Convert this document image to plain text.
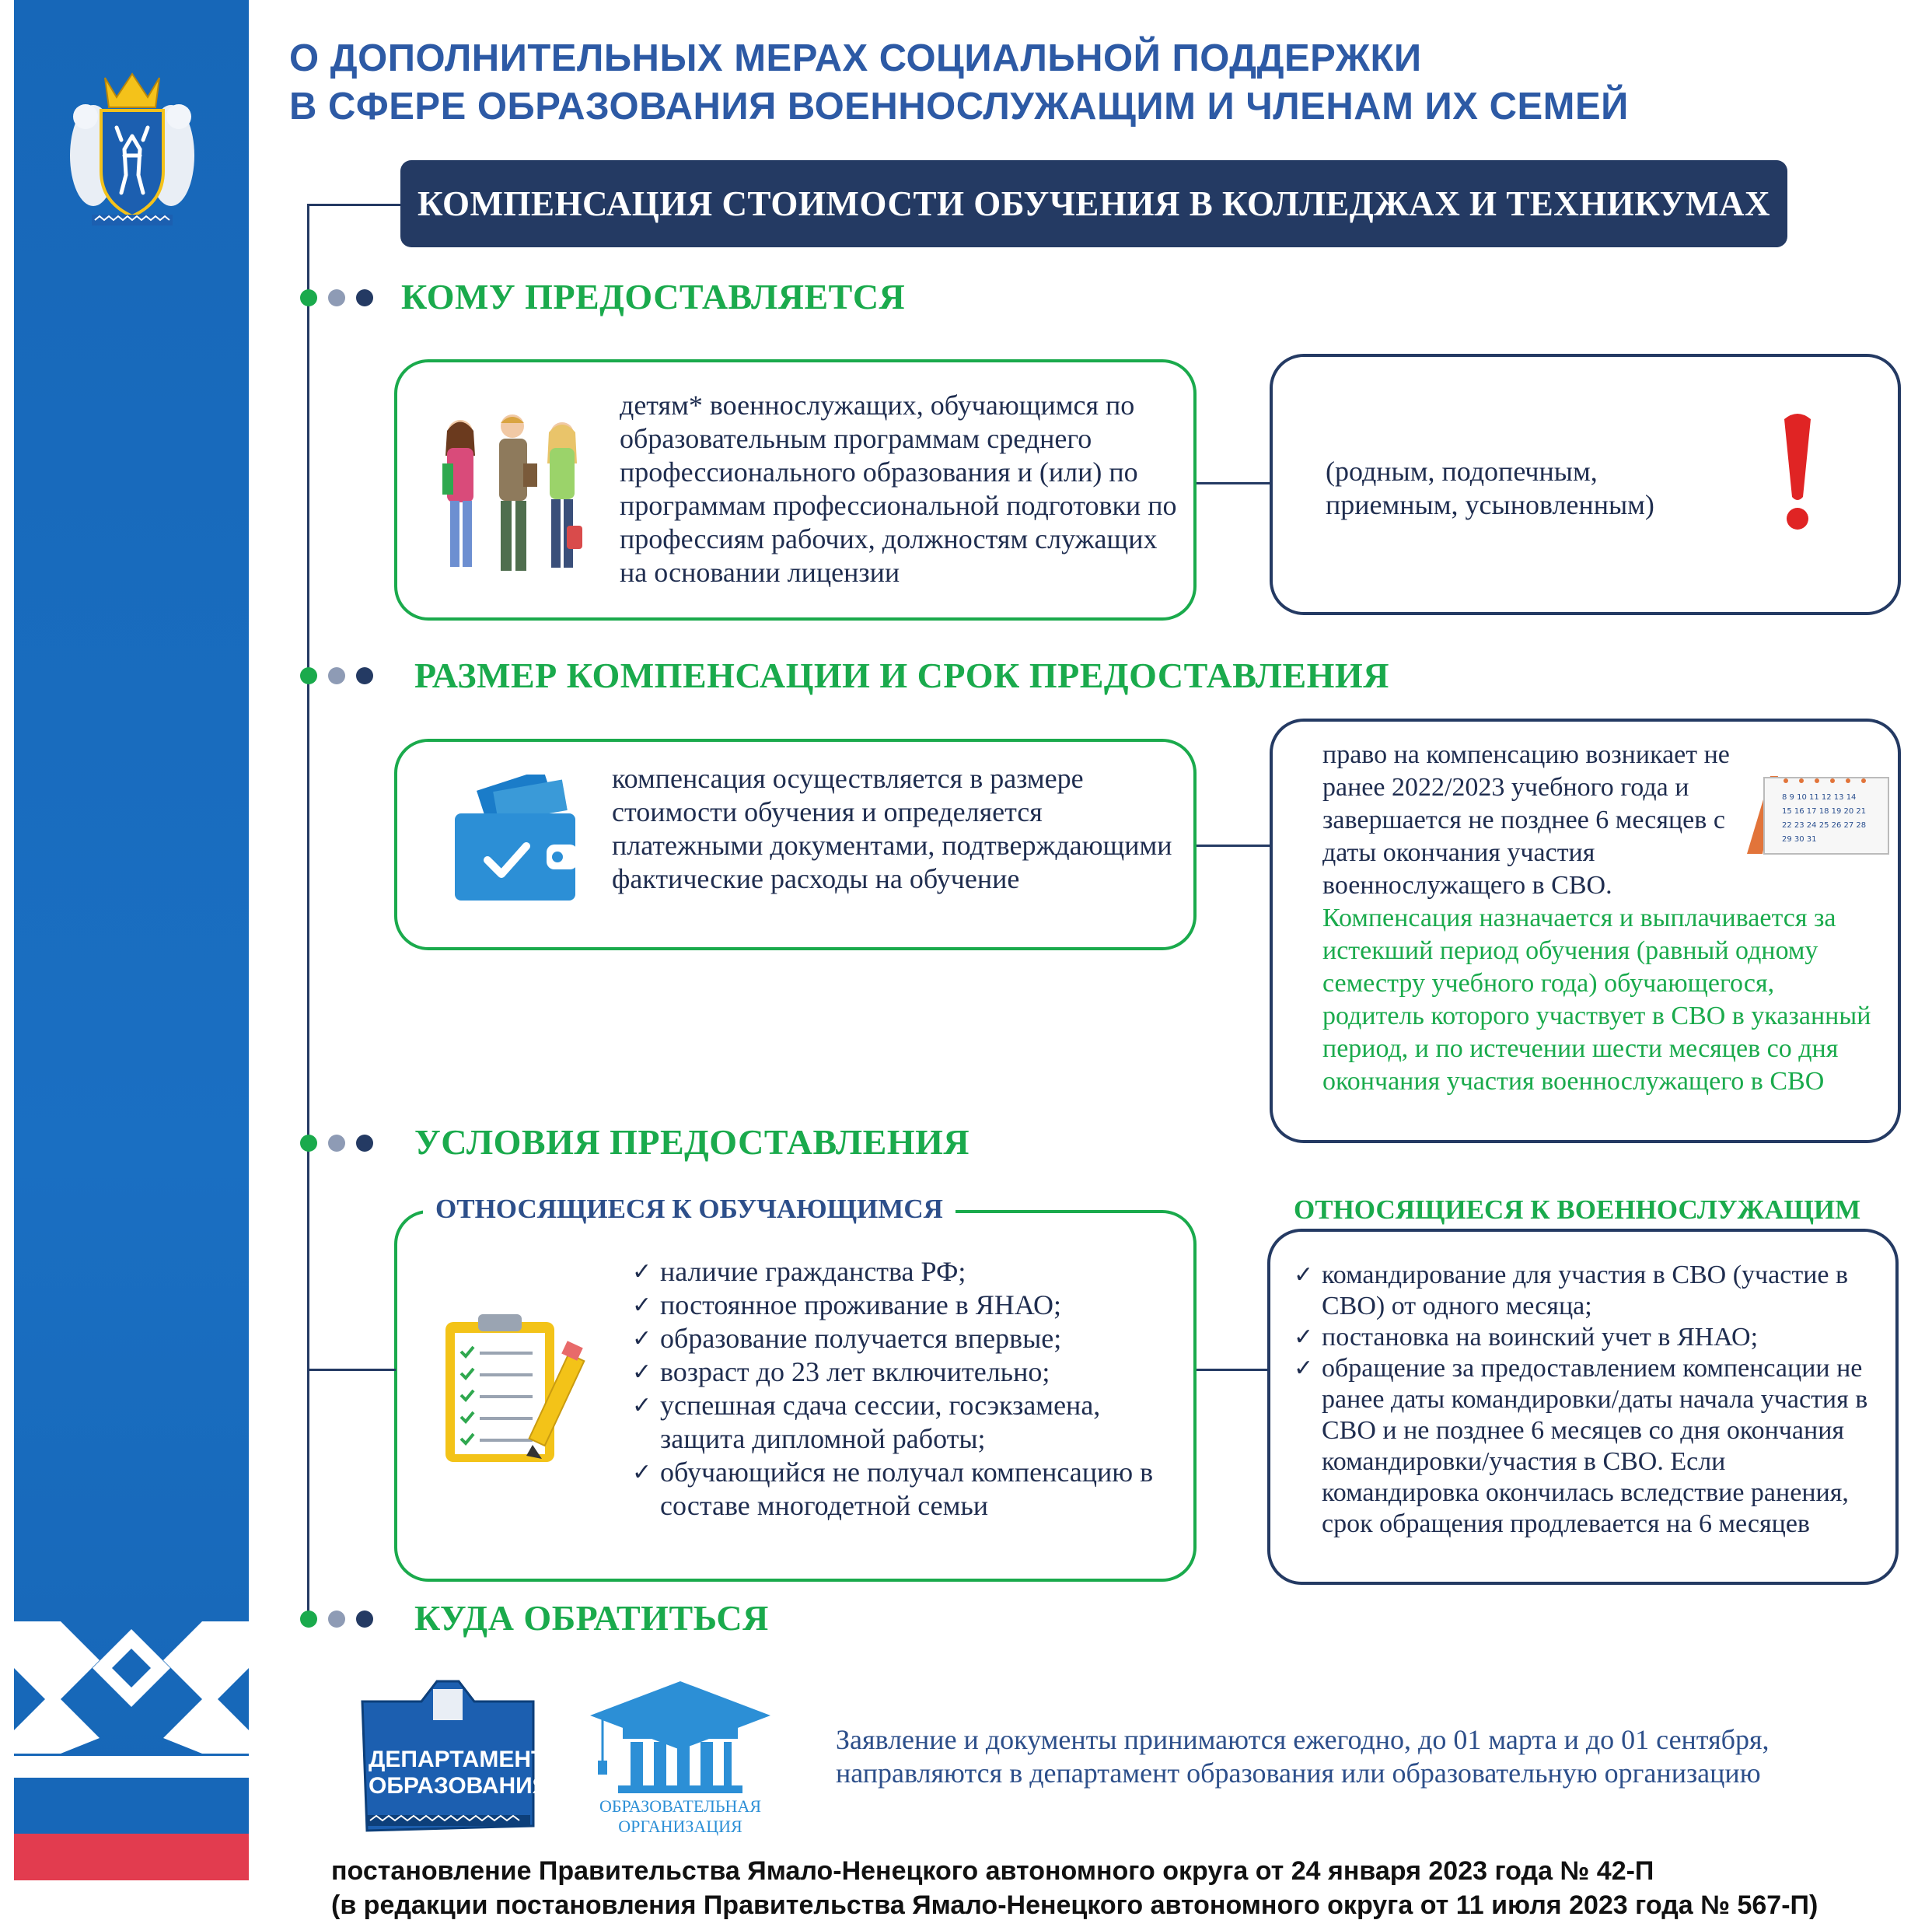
О ДОПОЛНИТЕЛЬНЫХ МЕРАХ СОЦИАЛЬНОЙ ПОДДЕРЖКИ
В СФЕРЕ ОБРАЗОВАНИЯ ВОЕННОСЛУЖАЩИМ И ЧЛЕНАМ ИХ СЕМЕЙ
КОМПЕНСАЦИЯ СТОИМОСТИ ОБУЧЕНИЯ В КОЛЛЕДЖАХ И ТЕХНИКУМАХ
КОМУ ПРЕДОСТАВЛЯЕТСЯ
детям* военнослужащих, обучающимся по образовательным программам среднего профессионального образования и (или) по программам профессиональной подготовки по профессиям рабочих, должностям служащих на основании лицензии
(родным, подопечным, приемным, усыновленным)
РАЗМЕР КОМПЕНСАЦИИ И СРОК ПРЕДОСТАВЛЕНИЯ
компенсация осуществляется в размере стоимости обучения и определяется платежными документами, подтверждающими фактические расходы на обучение
право на компенсацию возникает не ранее 2022/2023 учебного года и завершается не позднее 6 месяцев с даты окончания участия военнослужащего в СВО.
Компенсация назначается и выплачивается за истекший период обучения (равный одному семестру учебного года) обучающегося, родитель которого участвует в СВО в указанный период, и по истечении шести месяцев со дня окончания участия военнослужащего в СВО
8 9 10 11 12 13 14
15 16 17 18 19 20 21
22 23 24 25 26 27 28
29 30 31
УСЛОВИЯ ПРЕДОСТАВЛЕНИЯ
✓ наличие гражданства РФ;
✓ постоянное проживание в ЯНАО;
✓ образование получается впервые;
✓ возраст до 23 лет включительно;
✓ успешная сдача сессии, госэкзамена, защита дипломной работы;
✓ обучающийся не получал компенсацию в составе многодетной семьи
ОТНОСЯЩИЕСЯ К ОБУЧАЮЩИМСЯ
✓ командирование для участия в СВО (участие в СВО) от одного месяца;
✓ постановка на воинский учет в ЯНАО;
✓ обращение за предоставлением компенсации не ранее даты командировки/даты начала участия в СВО и не позднее 6 месяцев со дня окончания командировки/участия в СВО. Если командировка окончилась вследствие ранения, срок обращения продлевается на 6 месяцев
ОТНОСЯЩИЕСЯ К ВОЕННОСЛУЖАЩИМ
КУДА ОБРАТИТЬСЯ
ДЕПАРТАМЕНТ
ОБРАЗОВАНИЯ
ОБРАЗОВАТЕЛЬНАЯ
ОРГАНИЗАЦИЯ
Заявление и документы принимаются ежегодно, до 01 марта и до 01 сентября, направляются в департамент образования или образовательную организацию
постановление Правительства Ямало-Ненецкого автономного округа от 24 января 2023 года № 42-П
(в редакции постановления Правительства Ямало-Ненецкого автономного округа от 11 июля 2023 года № 567-П)
